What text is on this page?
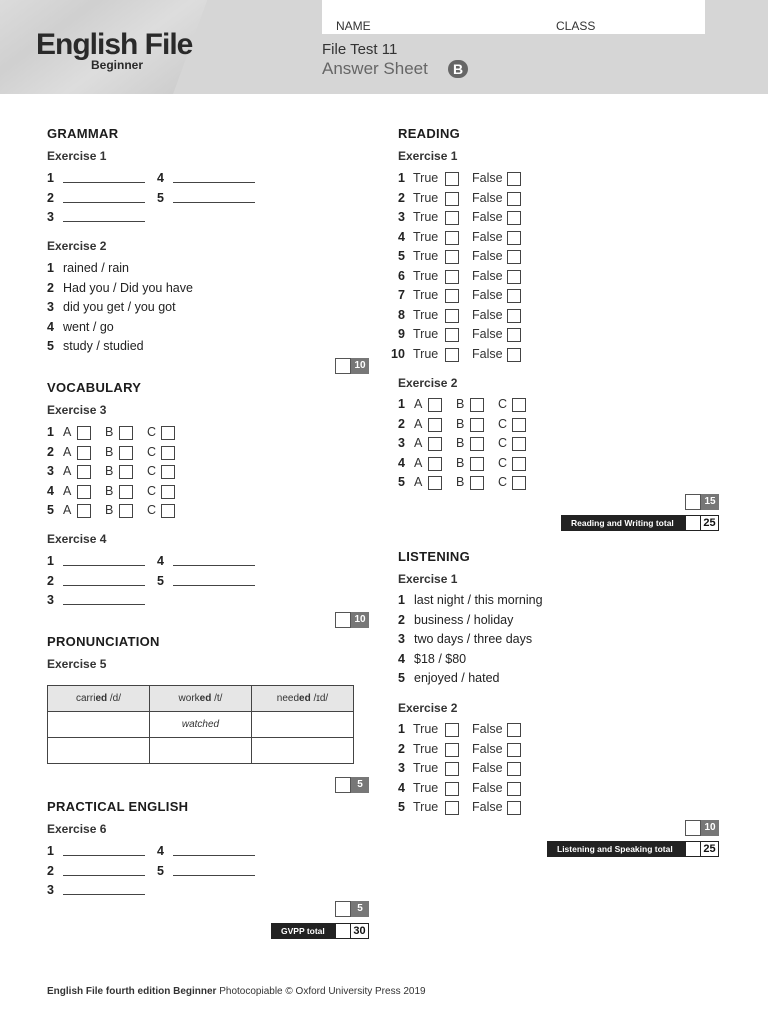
English File
Beginner
NAME	CLASS
File Test 11
Answer Sheet	B
GRAMMAR
Exercise 1
1
2
3
4
5
Exercise 2
1 rained / rain
2 Had you / Did you have
3 did you get / you got
4 went / go
5 study / studied
10
VOCABULARY
Exercise 3
1 A	B	C
2 A	B	C
3 A	B	C
4 A	B	C
5 A	B	C
Exercise 4
1
2
3
4
5
10
PRONUNCIATION
Exercise 5
carried /d/	worked /t/	needed /ɪd/
	watched	

5
PRACTICAL ENGLISH
Exercise 6
1
2
3
4
5
5
GVPP total	30
READING
Exercise 1
1 True	False
2 True	False
3 True	False
4 True	False
5 True	False
6 True	False
7 True	False
8 True	False
9 True	False
10 True	False
Exercise 2
1 A	B	C
2 A	B	C
3 A	B	C
4 A	B	C
5 A	B	C
15
Reading and Writing total	25
LISTENING
Exercise 1
1 last night / this morning
2 business / holiday
3 two days / three days
4 $18 / $80
5 enjoyed / hated
Exercise 2
1 True	False
2 True	False
3 True	False
4 True	False
5 True	False
10
Listening and Speaking total	25
English File fourth edition Beginner Photocopiable © Oxford University Press 2019
